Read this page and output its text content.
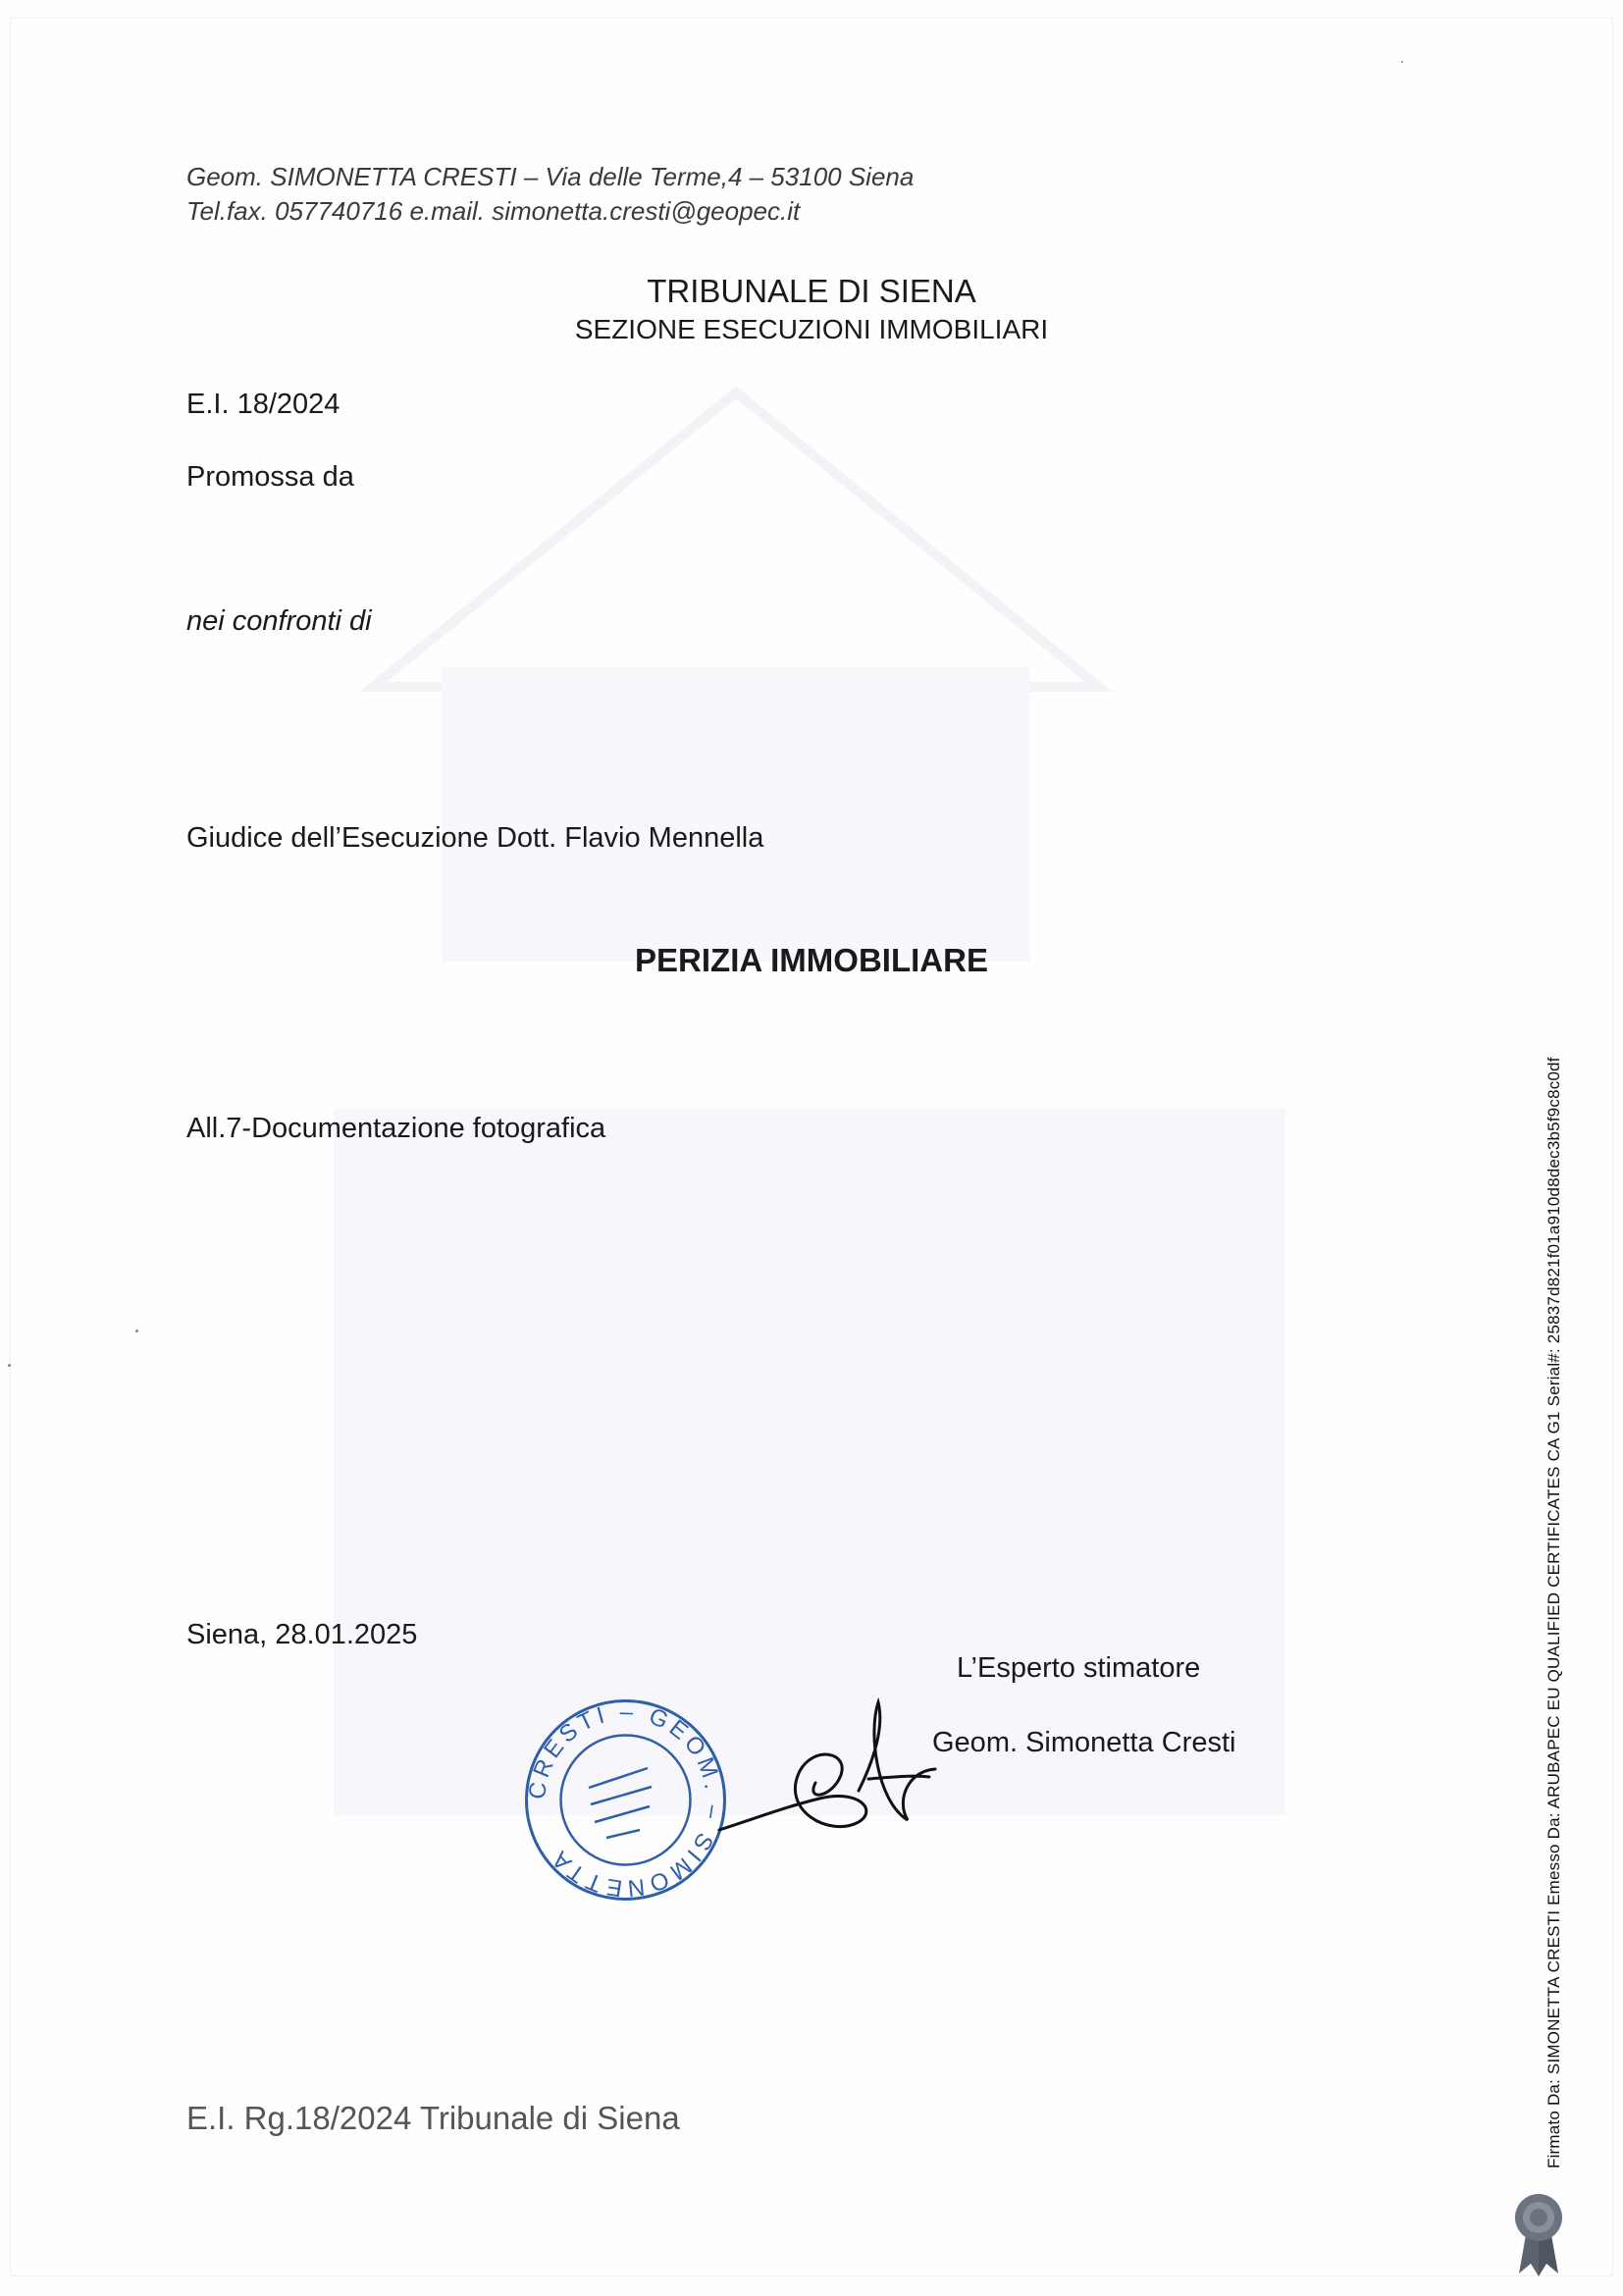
Geom. SIMONETTA CRESTI – Via delle Terme,4 – 53100 Siena
Tel.fax. 057740716 e.mail. simonetta.cresti@geopec.it
TRIBUNALE DI SIENA
SEZIONE ESECUZIONI IMMOBILIARI
E.I. 18/2024
Promossa da
nei confronti di
Giudice dell’Esecuzione Dott. Flavio Mennella
PERIZIA IMMOBILIARE
All.7-Documentazione fotografica
Siena, 28.01.2025
L’Esperto stimatore
Geom. Simonetta Cresti
CRESTI – GEOM. – SIMONETTA
E.I. Rg.18/2024 Tribunale di Siena	Firmato Da: SIMONETTA CRESTI Emesso Da: ARUBAPEC EU QUALIFIED CERTIFICATES CA G1 Serial#: 25837d821f01a910d8dec3b5f9c8c0df
